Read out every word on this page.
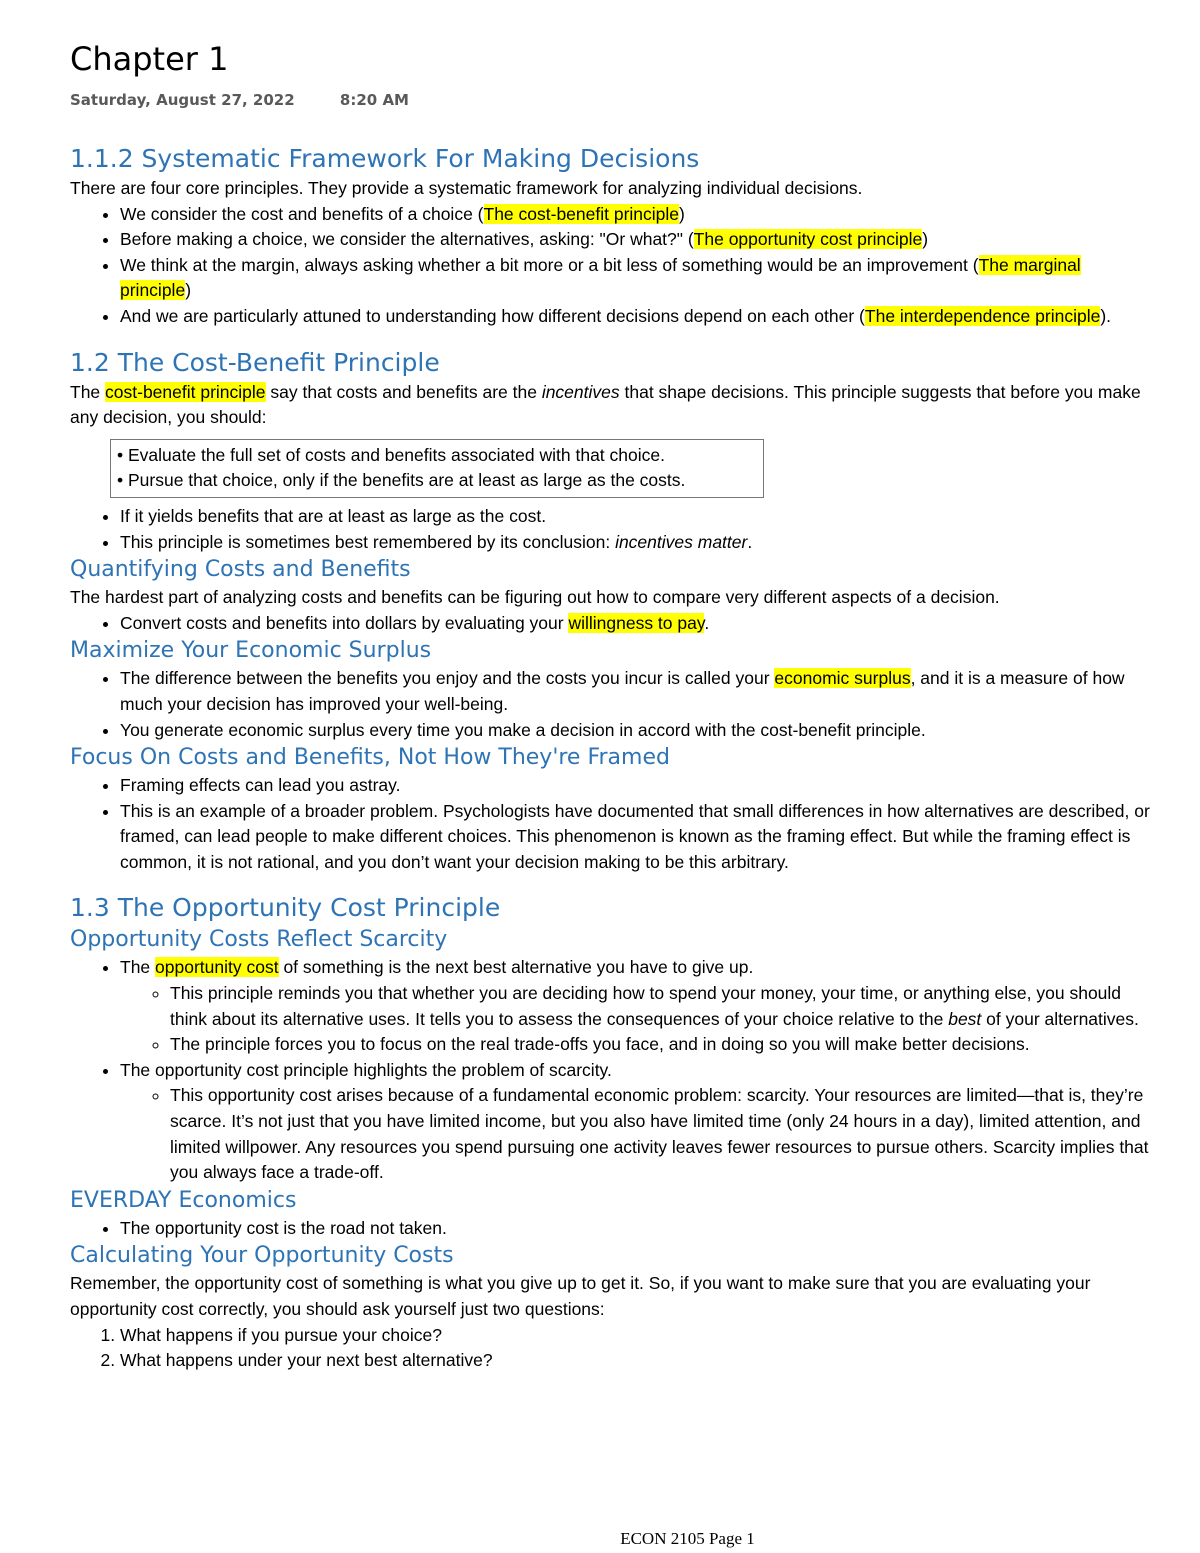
Chapter 1
Saturday, August 27, 2022	8:20 AM
1.1.2 Systematic Framework For Making Decisions

There are four core principles. They provide a systematic framework for analyzing individual decisions.

• We consider the cost and benefits of a choice (The cost-benefit principle)
• Before making a choice, we consider the alternatives, asking: "Or what?" (The opportunity cost principle)
• We think at the margin, always asking whether a bit more or a bit less of something would be an improvement (The marginal principle)
• And we are particularly attuned to understanding how different decisions depend on each other (The interdependence principle).
1.2 The Cost-Benefit Principle

The cost-benefit principle say that costs and benefits are the incentives that shape decisions. This principle suggests that before you make any decision, you should:

• Evaluate the full set of costs and benefits associated with that choice.
• Pursue that choice, only if the benefits are at least as large as the costs.
• If it yields benefits that are at least as large as the cost.
• This principle is sometimes best remembered by its conclusion: incentives matter.
Quantifying Costs and Benefits

The hardest part of analyzing costs and benefits can be figuring out how to compare very different aspects of a decision.

• Convert costs and benefits into dollars by evaluating your willingness to pay.
Maximize Your Economic Surplus
• The difference between the benefits you enjoy and the costs you incur is called your economic surplus, and it is a measure of how much your decision has improved your well-being.
• You generate economic surplus every time you make a decision in accord with the cost-benefit principle.
Focus On Costs and Benefits, Not How They're Framed
• Framing effects can lead you astray.
• This is an example of a broader problem. Psychologists have documented that small differences in how alternatives are described, or framed, can lead people to make different choices. This phenomenon is known as the framing effect. But while the framing effect is common, it is not rational, and you don’t want your decision making to be this arbitrary.
1.3 The Opportunity Cost Principle
Opportunity Costs Reflect Scarcity
• The opportunity cost of something is the next best alternative you have to give up.
◦ This principle reminds you that whether you are deciding how to spend your money, your time, or anything else, you should think about its alternative uses. It tells you to assess the consequences of your choice relative to the best of your alternatives.
◦ The principle forces you to focus on the real trade-offs you face, and in doing so you will make better decisions.
• The opportunity cost principle highlights the problem of scarcity.
◦ This opportunity cost arises because of a fundamental economic problem: scarcity. Your resources are limited—that is, they’re scarce. It’s not just that you have limited income, but you also have limited time (only 24 hours in a day), limited attention, and limited willpower. Any resources you spend pursuing one activity leaves fewer resources to pursue others. Scarcity implies that you always face a trade-off.
EVERDAY Economics
• The opportunity cost is the road not taken.
Calculating Your Opportunity Costs

Remember, the opportunity cost of something is what you give up to get it. So, if you want to make sure that you are evaluating your opportunity cost correctly, you should ask yourself just two questions:

1. What happens if you pursue your choice?
2. What happens under your next best alternative?
ECON 2105 Page 1
